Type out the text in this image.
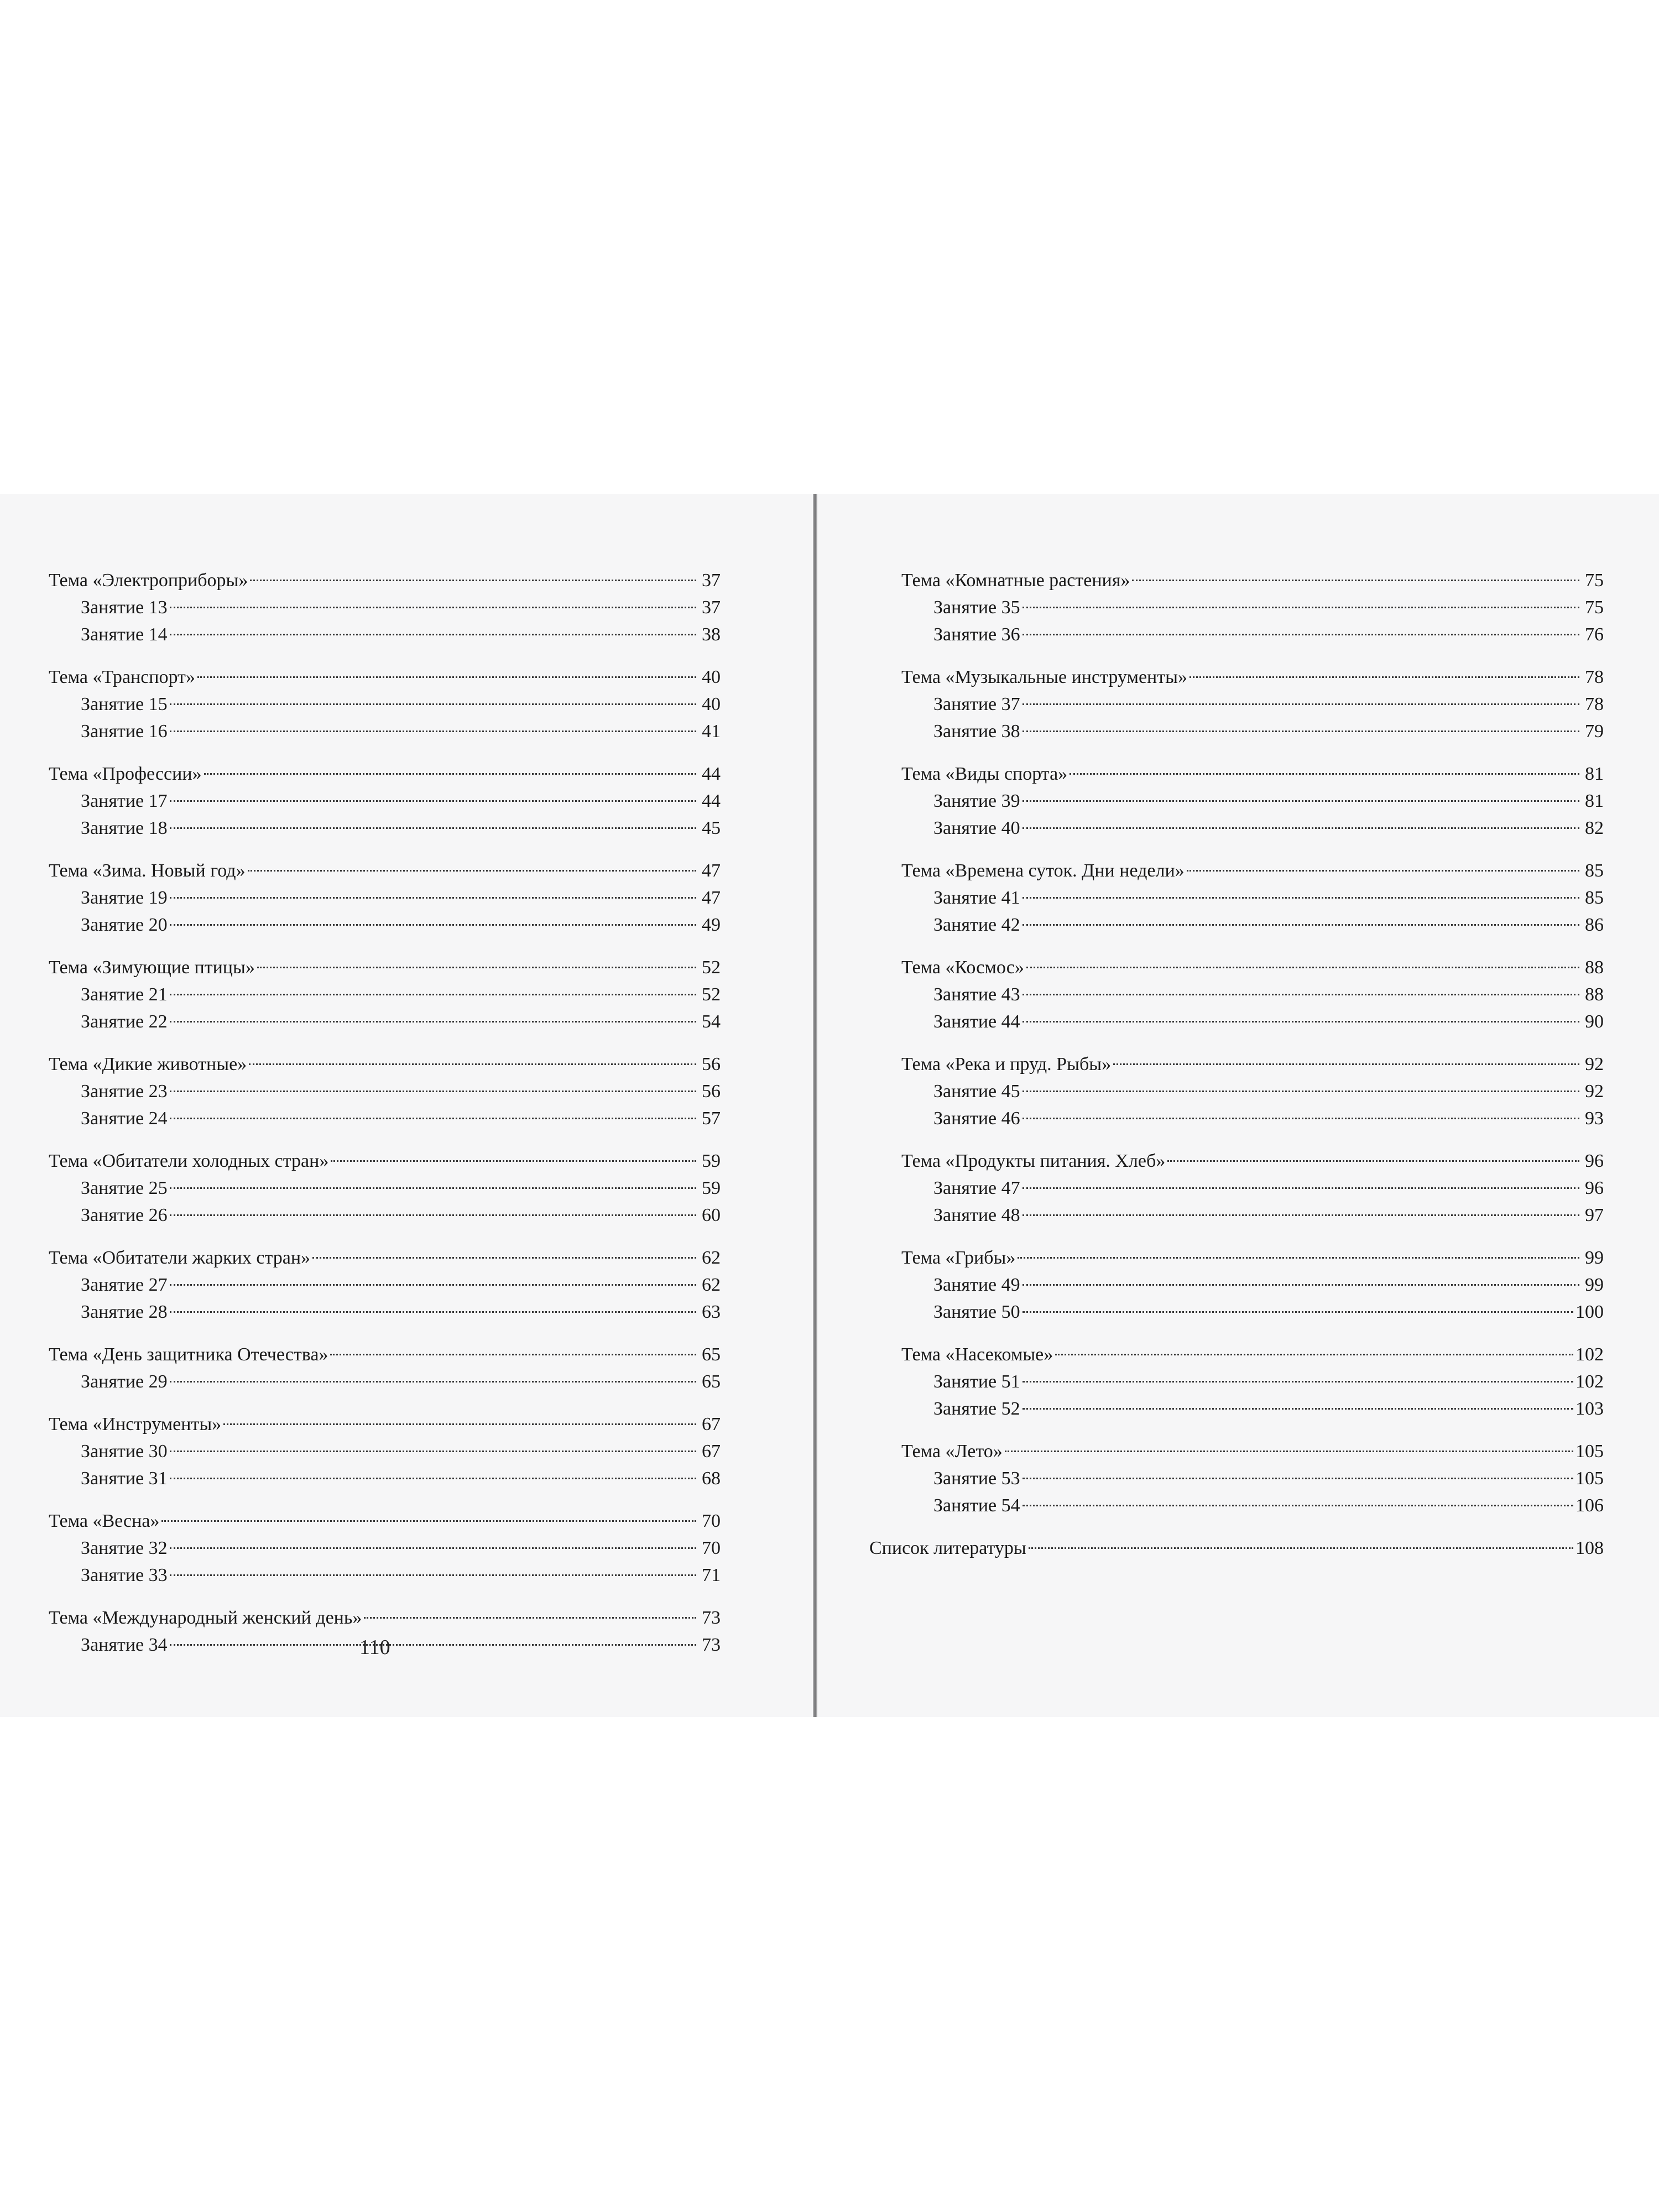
Тема «Электроприборы»	37
Занятие 13	37
Занятие 14	38
Тема «Транспорт»	40
Занятие 15	40
Занятие 16	41
Тема «Профессии»	44
Занятие 17	44
Занятие 18	45
Тема «Зима. Новый год»	47
Занятие 19	47
Занятие 20	49
Тема «Зимующие птицы»	52
Занятие 21	52
Занятие 22	54
Тема «Дикие животные»	56
Занятие 23	56
Занятие 24	57
Тема «Обитатели холодных стран»	59
Занятие 25	59
Занятие 26	60
Тема «Обитатели жарких стран»	62
Занятие 27	62
Занятие 28	63
Тема «День защитника Отечества»	65
Занятие 29	65
Тема «Инструменты»	67
Занятие 30	67
Занятие 31	68
Тема «Весна»	70
Занятие 32	70
Занятие 33	71
Тема «Международный женский день»	73
Занятие 34	73
Тема «Комнатные растения»	75
Занятие 35	75
Занятие 36	76
Тема «Музыкальные инструменты»	78
Занятие 37	78
Занятие 38	79
Тема «Виды спорта»	81
Занятие 39	81
Занятие 40	82
Тема «Времена суток. Дни недели»	85
Занятие 41	85
Занятие 42	86
Тема «Космос»	88
Занятие 43	88
Занятие 44	90
Тема «Река и пруд. Рыбы»	92
Занятие 45	92
Занятие 46	93
Тема «Продукты питания. Хлеб»	96
Занятие 47	96
Занятие 48	97
Тема «Грибы»	99
Занятие 49	99
Занятие 50	100
Тема «Насекомые»	102
Занятие 51	102
Занятие 52	103
Тема «Лето»	105
Занятие 53	105
Занятие 54	106
Список литературы	108
110
